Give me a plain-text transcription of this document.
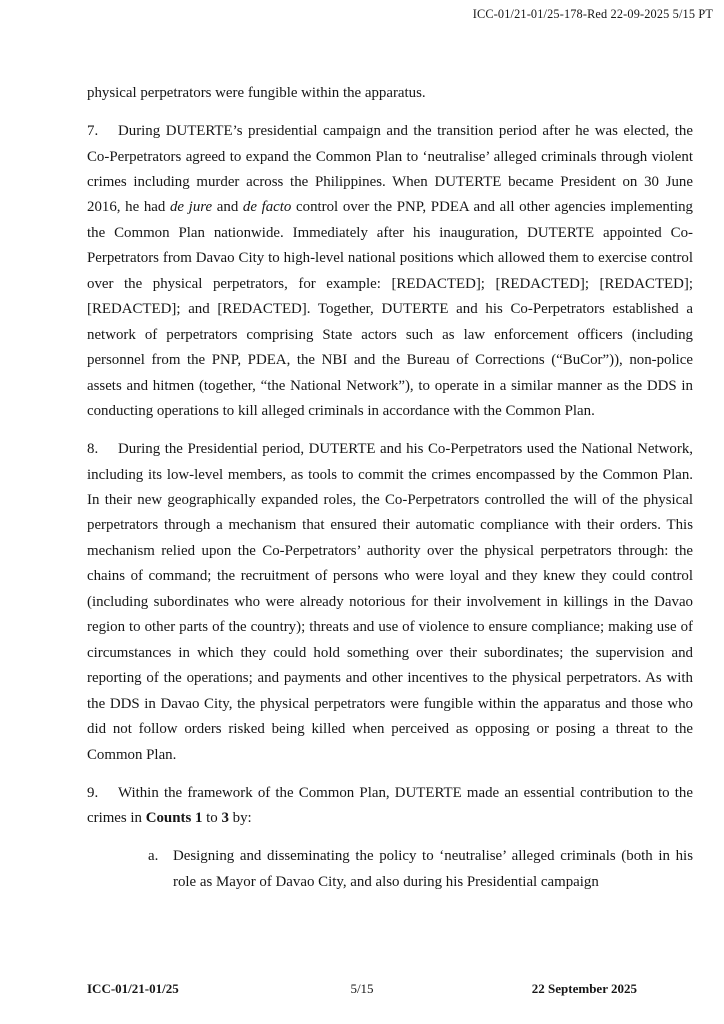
ICC-01/21-01/25-178-Red 22-09-2025 5/15 PT

physical perpetrators were fungible within the apparatus.

7. During DUTERTE’s presidential campaign and the transition period after he was elected, the Co-Perpetrators agreed to expand the Common Plan to ‘neutralise’ alleged criminals through violent crimes including murder across the Philippines. When DUTERTE became President on 30 June 2016, he had de jure and de facto control over the PNP, PDEA and all other agencies implementing the Common Plan nationwide. Immediately after his inauguration, DUTERTE appointed Co-Perpetrators from Davao City to high-level national positions which allowed them to exercise control over the physical perpetrators, for example: [REDACTED]; [REDACTED]; [REDACTED]; [REDACTED]; and [REDACTED]. Together, DUTERTE and his Co-Perpetrators established a network of perpetrators comprising State actors such as law enforcement officers (including personnel from the PNP, PDEA, the NBI and the Bureau of Corrections (“BuCor”)), non-police assets and hitmen (together, “the National Network”), to operate in a similar manner as the DDS in conducting operations to kill alleged criminals in accordance with the Common Plan.

8. During the Presidential period, DUTERTE and his Co-Perpetrators used the National Network, including its low-level members, as tools to commit the crimes encompassed by the Common Plan. In their new geographically expanded roles, the Co-Perpetrators controlled the will of the physical perpetrators through a mechanism that ensured their automatic compliance with their orders. This mechanism relied upon the Co-Perpetrators’ authority over the physical perpetrators through: the chains of command; the recruitment of persons who were loyal and they knew they could control (including subordinates who were already notorious for their involvement in killings in the Davao region to other parts of the country); threats and use of violence to ensure compliance; making use of circumstances in which they could hold something over their subordinates; the supervision and reporting of the operations; and payments and other incentives to the physical perpetrators. As with the DDS in Davao City, the physical perpetrators were fungible within the apparatus and those who did not follow orders risked being killed when perceived as opposing or posing a threat to the Common Plan.

9. Within the framework of the Common Plan, DUTERTE made an essential contribution to the crimes in Counts 1 to 3 by:

a. Designing and disseminating the policy to ‘neutralise’ alleged criminals (both in his role as Mayor of Davao City, and also during his Presidential campaign
ICC-01/21-01/25	5/15	22 September 2025
